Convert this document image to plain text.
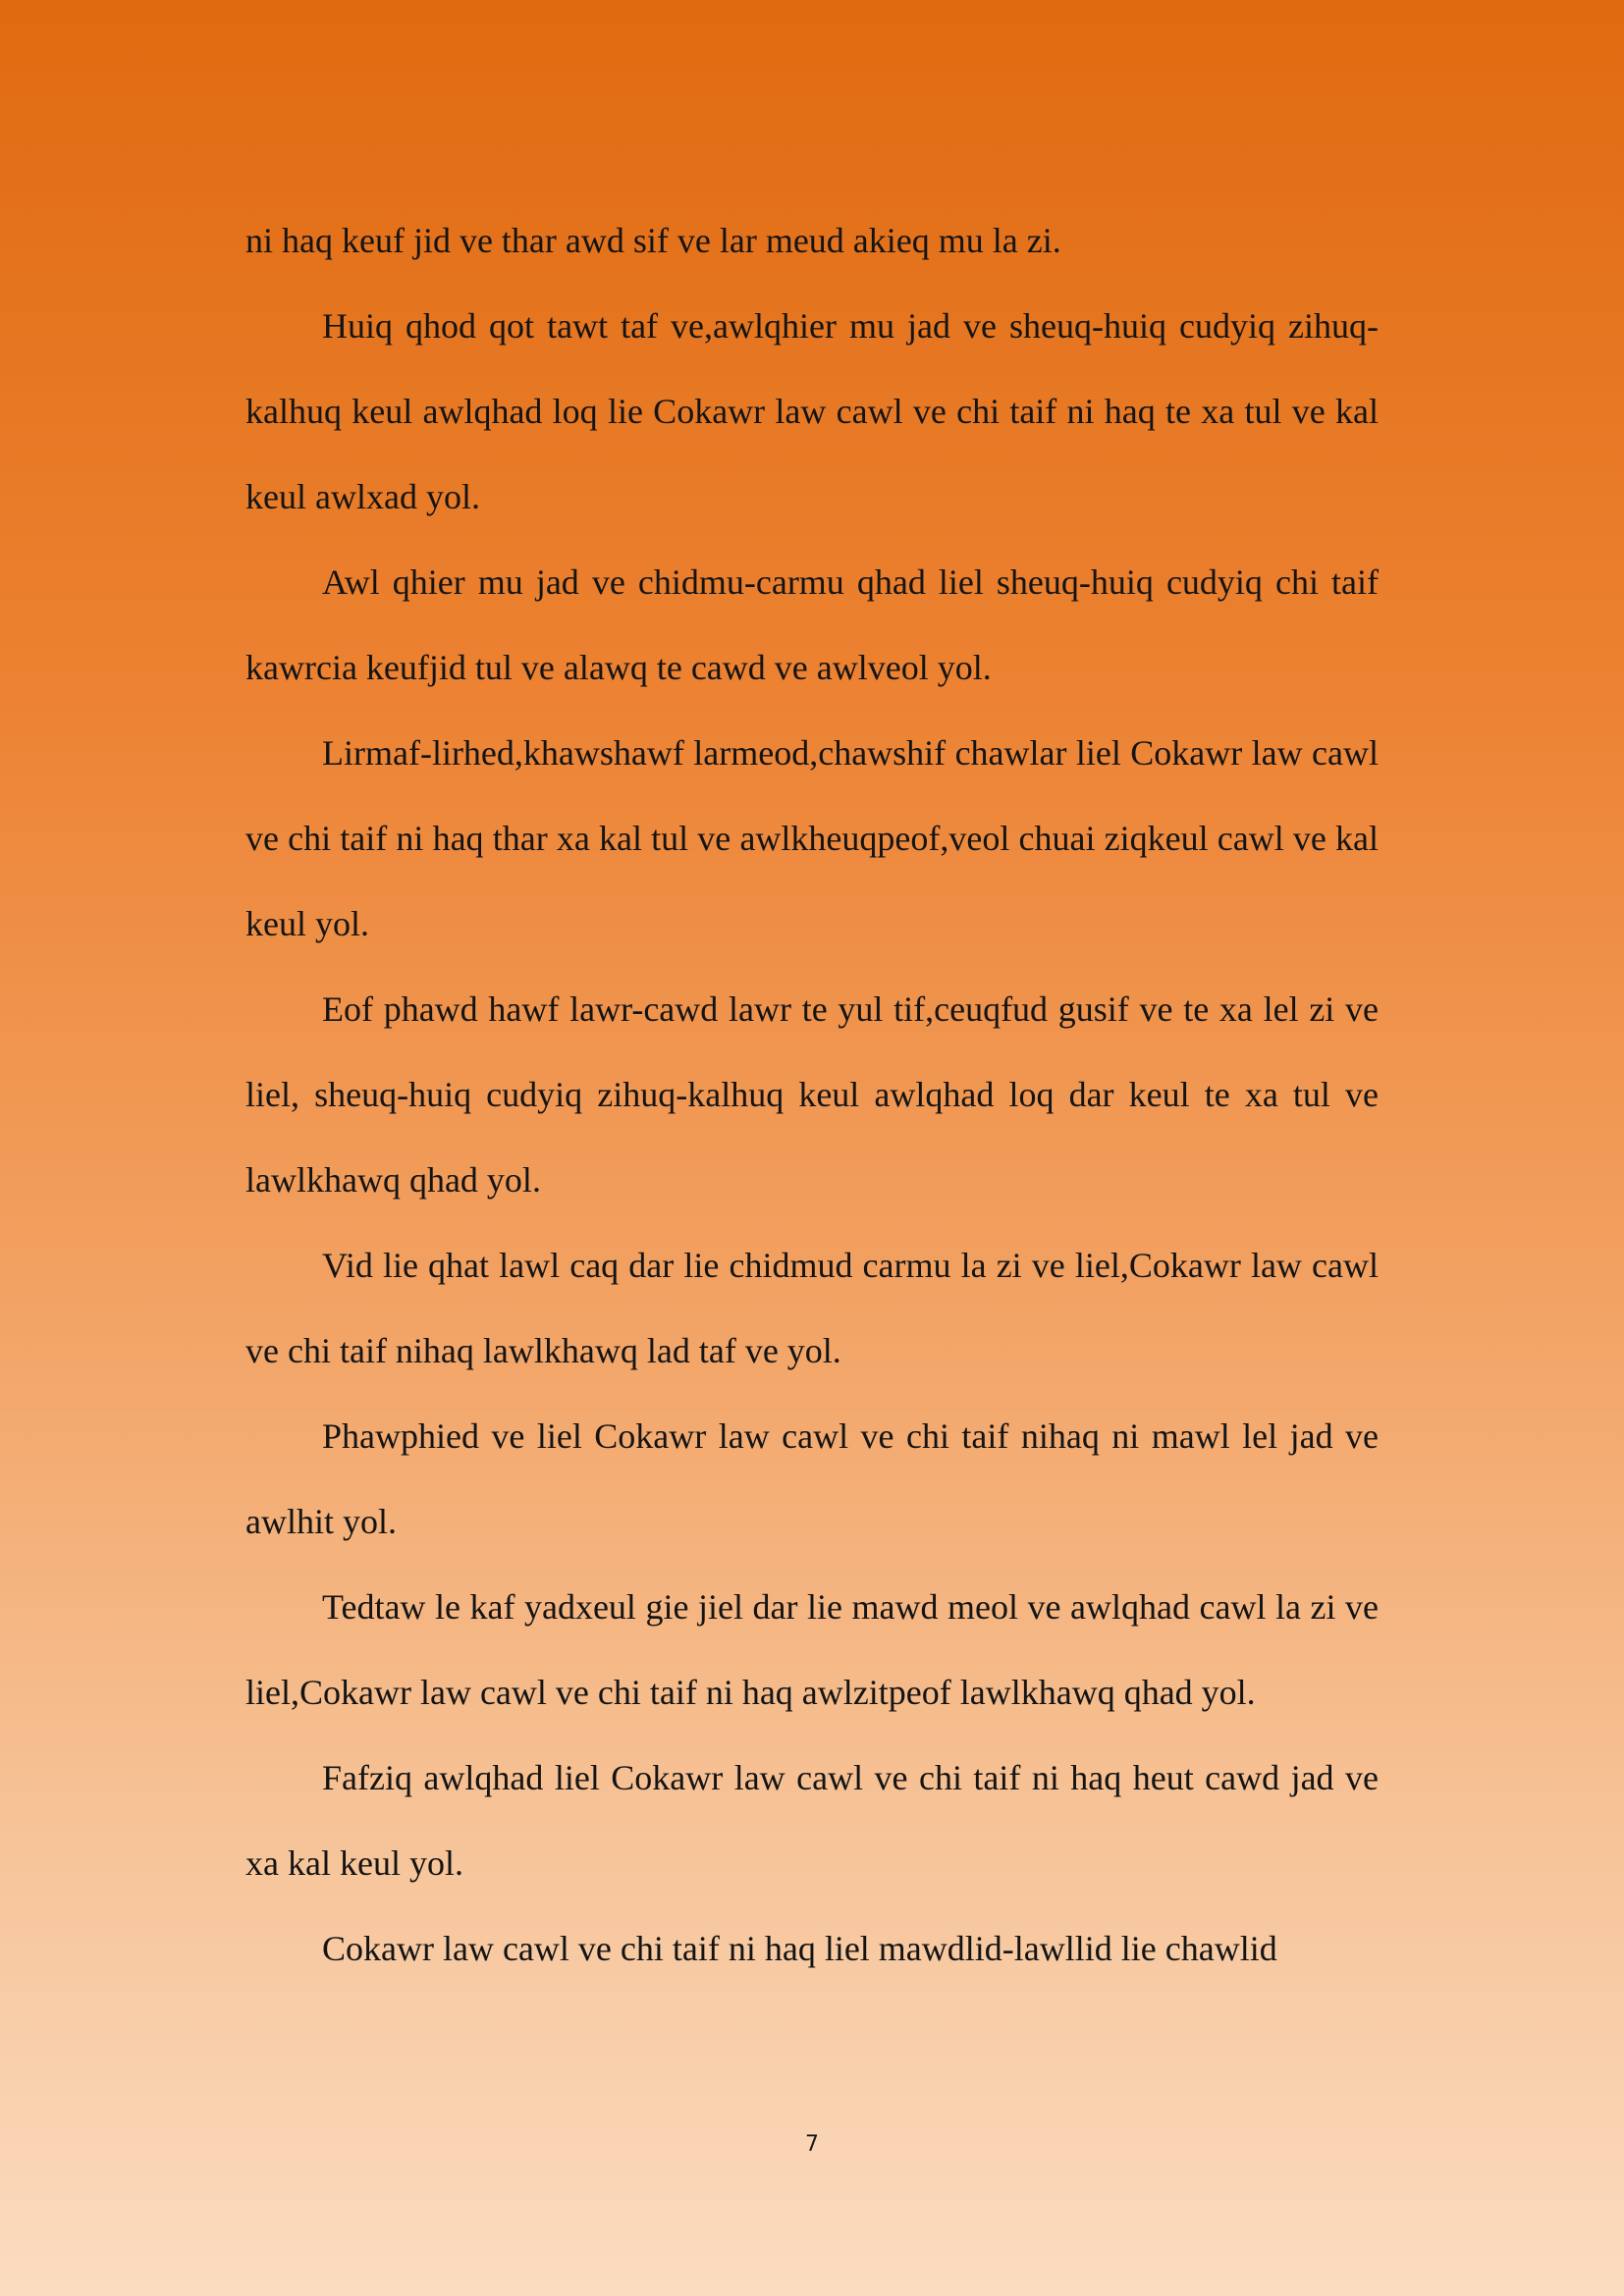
ni haq keuf jid ve thar awd sif ve lar meud akieq mu la zi.

Huiq qhod qot tawt taf ve,awlqhier mu jad ve sheuq-huiq cudyiq zihuq-kalhuq keul awlqhad loq lie Cokawr law cawl ve chi taif ni haq te xa tul ve kal keul awlxad yol.

Awl qhier mu jad ve chidmu-carmu qhad liel sheuq-huiq cudyiq chi taif kawrcia keufjid tul ve alawq te cawd ve awlveol yol.

Lirmaf-lirhed,khawshawf larmeod,chawshif chawlar liel Cokawr law cawl ve chi taif ni haq thar xa kal tul ve awlkheuqpeof,veol chuai ziqkeul cawl ve kal keul yol.

Eof phawd hawf lawr-cawd lawr te yul tif,ceuqfud gusif ve te xa lel zi ve liel, sheuq-huiq cudyiq zihuq-kalhuq keul awlqhad loq dar keul te xa tul ve lawlkhawq qhad yol.

Vid lie qhat lawl caq dar lie chidmud carmu la zi ve liel,Cokawr law cawl ve chi taif nihaq lawlkhawq lad taf ve yol.

Phawphied ve liel Cokawr law cawl ve chi taif nihaq ni mawl lel jad ve awlhit yol.

Tedtaw le kaf yadxeul gie jiel dar lie mawd meol ve awlqhad cawl la zi ve liel,Cokawr law cawl ve chi taif ni haq awlzitpeof lawlkhawq qhad yol.

Fafziq awlqhad liel Cokawr law cawl ve chi taif ni haq heut cawd jad ve xa kal keul yol.

Cokawr law cawl ve chi taif ni haq liel mawdlid-lawllid lie chawlid

7
